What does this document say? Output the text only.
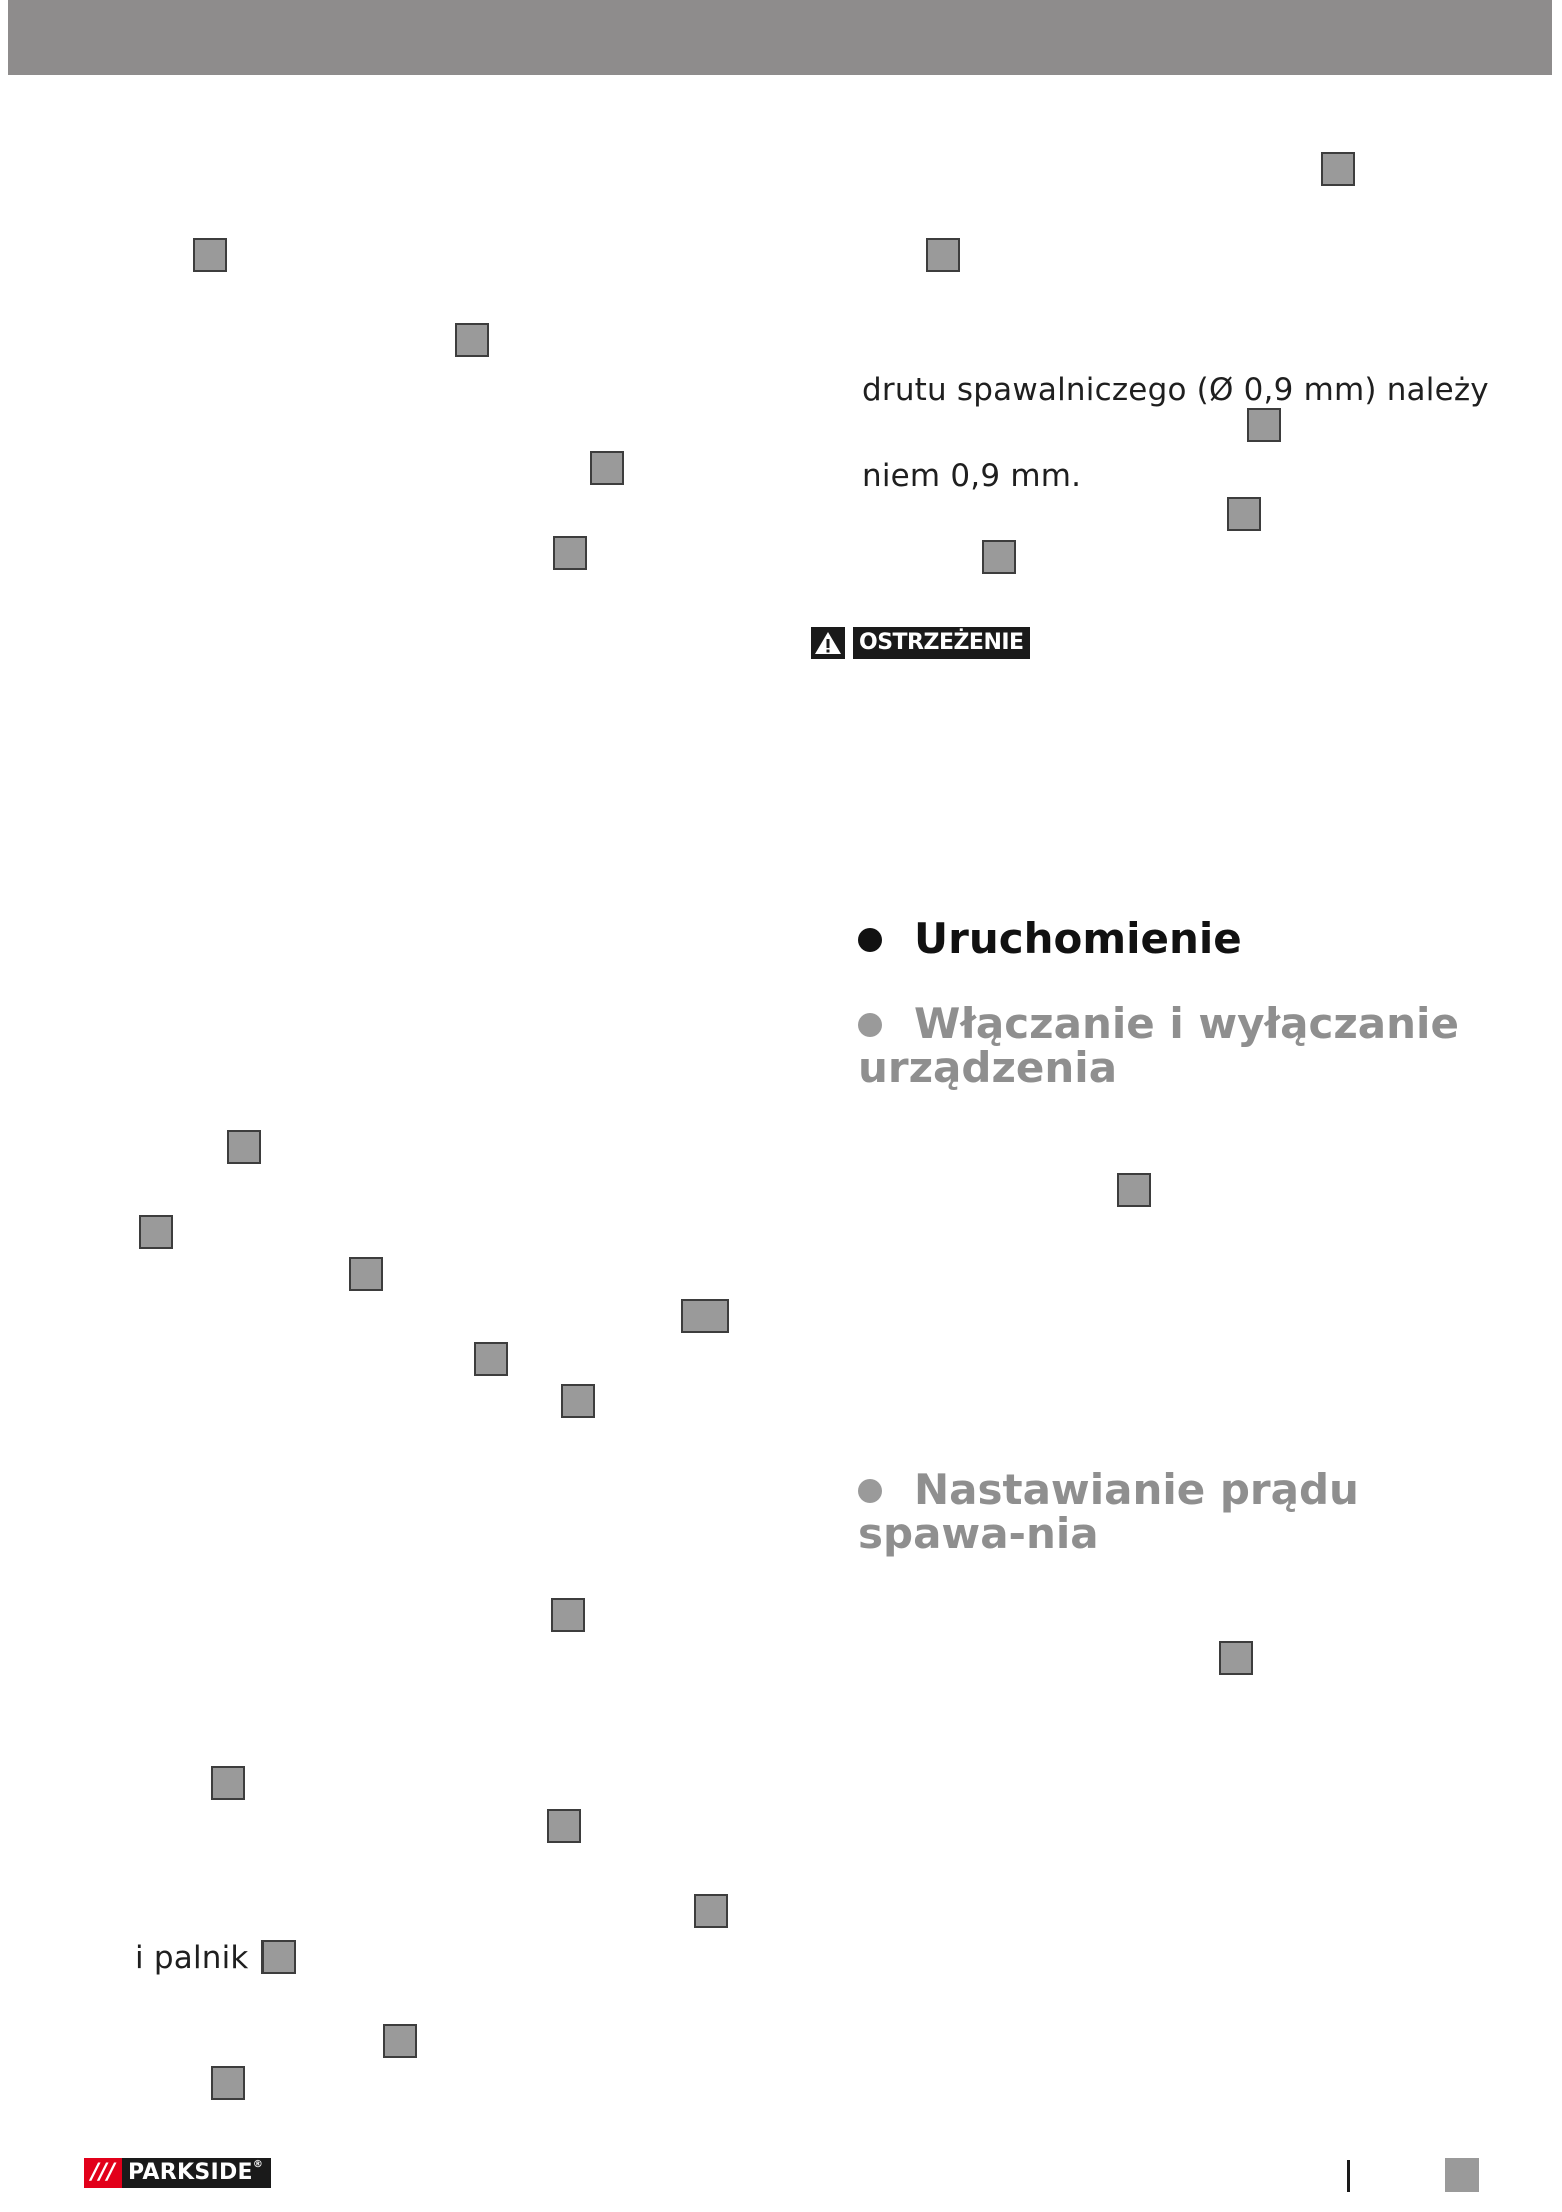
drutu spawalniczego (Ø 0,9 mm) należy
niem 0,9 mm.
OSTRZEŻENIE
Uruchomienie
Włączanie i wyłączanie urządzenia
Nastawianie prądu spawa-nia
i palnik
/// PARKSIDE®
